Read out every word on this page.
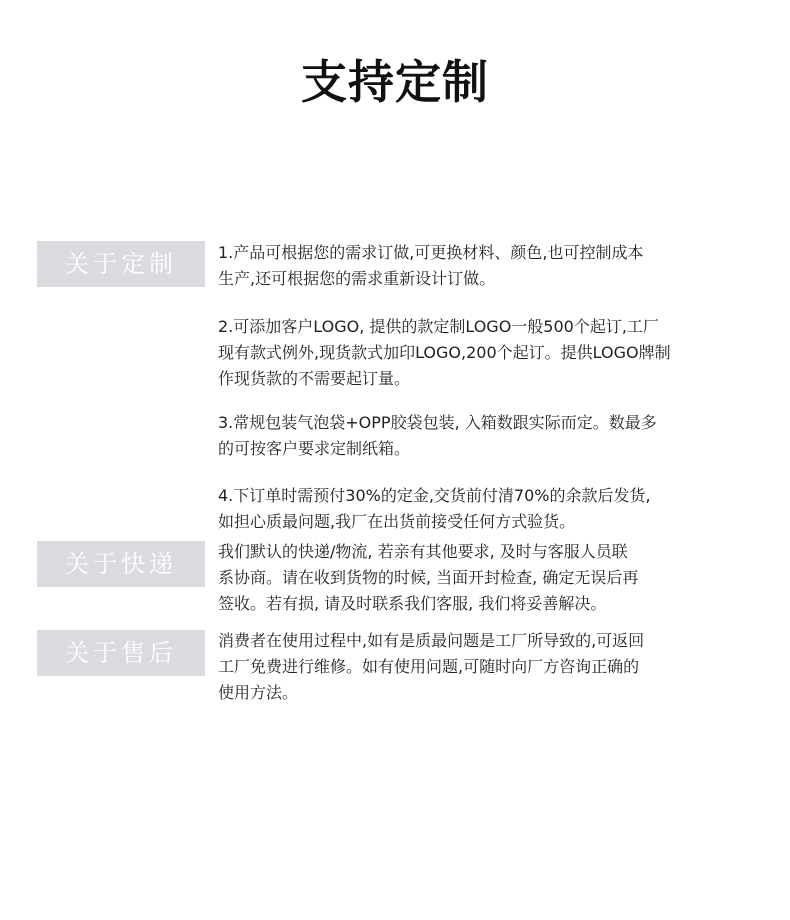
支持定制
关于定制	1.产品可根据您的需求订做,可更换材料、颜色,也可控制成本
生产,还可根据您的需求重新设计订做。

2.可添加客户LOGO, 提供的款定制LOGO一般500个起订,工厂
现有款式例外,现货款式加印LOGO,200个起订。提供LOGO牌制
作现货款的不需要起订量。

3.常规包装气泡袋+OPP胶袋包装, 入箱数跟实际而定。数最多
的可按客户要求定制纸箱。

4.下订单时需预付30%的定金,交货前付清70%的余款后发货,
如担心质最问题,我厂在出货前接受任何方式验货。

关于快递	我们默认的快递/物流, 若亲有其他要求, 及时与客服人员联
系协商。请在收到货物的时候, 当面开封检查, 确定无误后再
签收。若有损, 请及时联系我们客服, 我们将妥善解决。

关于售后	消费者在使用过程中,如有是质最问题是工厂所导致的,可返回
工厂免费进行维修。如有使用问题,可随时向厂方咨询正确的
使用方法。
